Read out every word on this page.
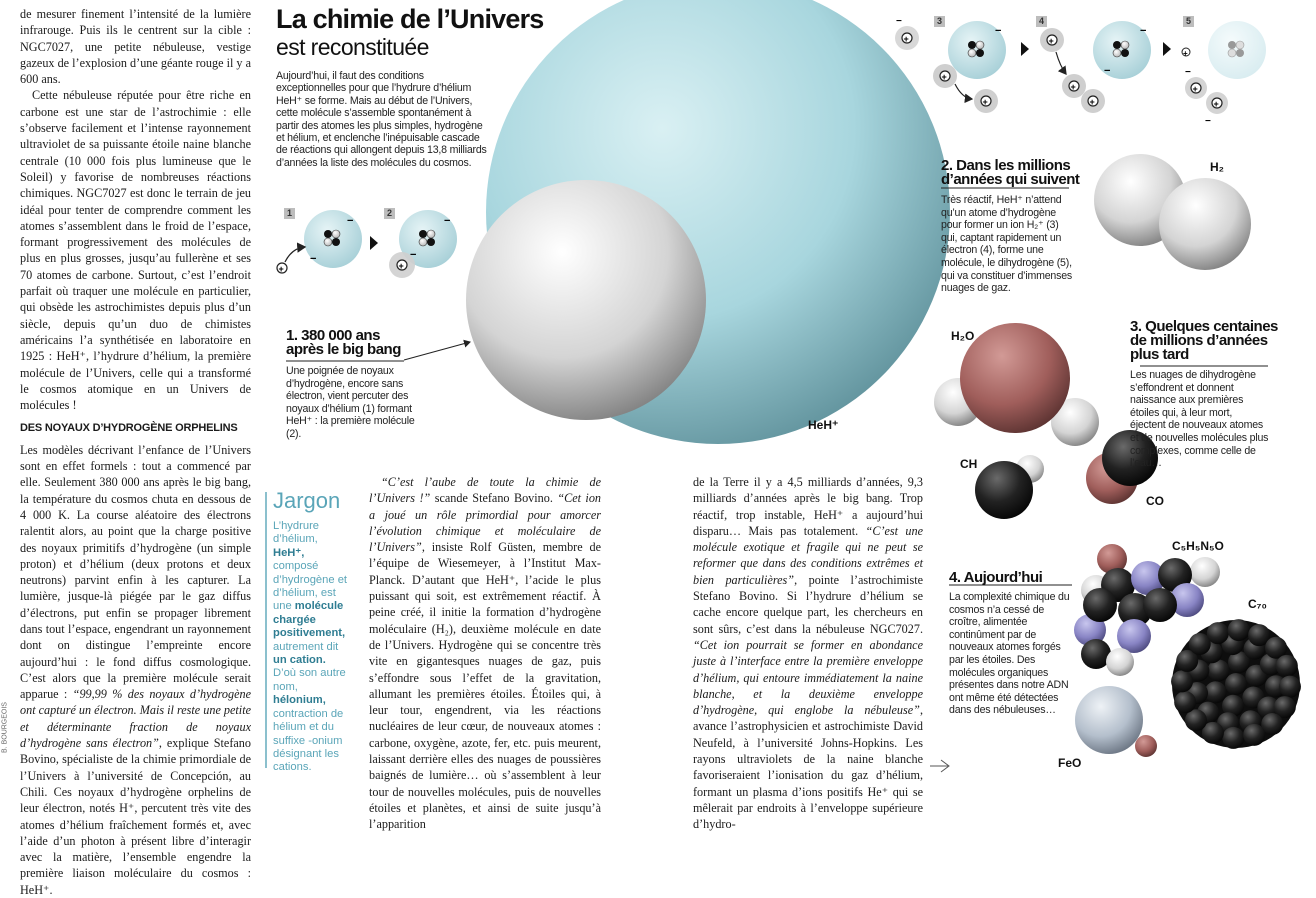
−
−
+
−
+
−
+
−
−
+
+
+
−
−
+
+
+
+
+
−
−

de mesurer finement l’intensité de la lumière infrarouge. Puis ils le centrent sur la cible : NGC7027, une petite nébuleuse, vestige gazeux de l’explosion d’une géante rouge il y a 600 ans.

Cette nébuleuse réputée pour être riche en carbone est une star de l’astrochimie : elle s’observe facilement et l’intense rayonnement ultraviolet de sa puissante étoile naine blanche centrale (10 000 fois plus lumineuse que le Soleil) y favorise de nombreuses réactions chimiques. NGC7027 est donc le terrain de jeu idéal pour tenter de comprendre comment les atomes s’assemblent dans le froid de l’espace, formant progressivement des molécules de plus en plus grosses, jusqu’au fullerène et ses 70 atomes de carbone. Surtout, c’est l’endroit parfait où traquer une molécule en particulier, qui obsède les astrochimistes depuis plus d’un siècle, depuis qu’un duo de chimistes américains l’a synthétisée en laboratoire en 1925 : HeH⁺, l’hydrure d’hélium, la première molécule de l’Univers, celle qui a transformé le cosmos atomique en un Univers de molécules !

DES NOYAUX D’HYDROGÈNE ORPHELINS

Les modèles décrivant l’enfance de l’Univers sont en effet formels : tout a commencé par elle. Seulement 380 000 ans après le big bang, la température du cosmos chuta en dessous de 4 000 K. La course aléatoire des électrons ralentit alors, au point que la charge positive des noyaux primitifs d’hydrogène (un simple proton) et d’hélium (deux protons et deux neutrons) parvint enfin à les capturer. La lumière, jusque-là piégée par le gaz diffus d’électrons, put enfin se propager librement dans tout l’espace, engendrant un rayonnement dont on distingue l’empreinte encore aujourd’hui : le fond diffus cosmologique. C’est alors que la première molécule serait apparue : “99,99 % des noyaux d’hydrogène ont capturé un électron. Mais il reste une petite et déterminante fraction de noyaux d’hydrogène sans électron”, explique Stefano Bovino, spécialiste de la chimie primordiale de l’Univers à l’université de Concepción, au Chili. Ces noyaux d’hydrogène orphelins de leur électron, notés H⁺, percutent très vite des atomes d’hélium fraîchement formés et, avec l’aide d’un photon à présent libre d’interagir avec la matière, l’ensemble engendre la première liaison moléculaire du cosmos : HeH⁺.

B. BOURGEOIS
La chimie de l’Univers
est reconstituée
Aujourd’hui, il faut des conditions exceptionnelles pour que l’hydrure d’hélium HeH⁺ se forme. Mais au début de l’Univers, cette molécule s’assemble spontanément à partir des atomes les plus simples, hydrogène et hélium, et enclenche l’inépuisable cascade de réactions qui allongent depuis 13,8 milliards d’années la liste des molécules du cosmos.
1	2
3	4	5
1. 380 000 ans
après le big bang
Une poignée de noyaux d’hydrogène, encore sans électron, vient percuter des noyaux d’hélium (1) formant HeH⁺ : la première molécule (2).
2. Dans les millions
d’années qui suivent
Très réactif, HeH⁺ n’attend qu’un atome d’hydrogène pour former un ion H₂⁺ (3) qui, captant rapidement un électron (4), forme une molécule, le dihydrogène (5), qui va constituer d’immenses nuages de gaz.
3. Quelques centaines
de millions d’années
plus tard
Les nuages de dihydrogène s’effondrent et donnent naissance aux premières étoiles qui, à leur mort, éjectent de nouveaux atomes et de nouvelles molécules plus complexes, comme celle de l’eau…
4. Aujourd’hui
La complexité chimique du cosmos n’a cessé de croître, alimentée continûment par de nouveaux atomes forgés par les étoiles. Des molécules organiques présentes dans notre ADN ont même été détectées dans des nébuleuses…
HeH⁺
H₂
H₂O
CH
CO
C₅H₅N₅O
C₇₀
FeO
Jargon
L’hydrure d’hélium, HeH⁺, composé d’hydrogène et d’hélium, est une molécule chargée positivement, autrement dit un cation. D’où son autre nom, hélonium, contraction de hélium et du suffixe -onium désignant les cations.

“C’est l’aube de toute la chimie de l’Univers !” scande Stefano Bovino. “Cet ion a joué un rôle primordial pour amorcer l’évolution chimique et moléculaire de l’Univers”, insiste Rolf Güsten, membre de l’équipe de Wiesemeyer, à l’Institut Max-Planck. D’autant que HeH⁺, l’acide le plus puissant qui soit, est extrêmement réactif. À peine créé, il initie la formation d’hydrogène moléculaire (H₂), deuxième molécule en date de l’Univers. Hydrogène qui se concentre très vite en gigantesques nuages de gaz, puis s’effondre sous l’effet de la gravitation, allumant les premières étoiles. Étoiles qui, à leur tour, engendrent, via les réactions nucléaires de leur cœur, de nouveaux atomes : carbone, oxygène, azote, fer, etc. puis meurent, laissant derrière elles des nuages de poussières baignés de lumière… où s’assemblent à leur tour de nouvelles molécules, puis de nouvelles étoiles et planètes, et ainsi de suite jusqu’à l’apparition

de la Terre il y a 4,5 milliards d’années, 9,3 milliards d’années après le big bang. Trop réactif, trop instable, HeH⁺ a aujourd’hui disparu… Mais pas totalement. “C’est une molécule exotique et fragile qui ne peut se reformer que dans des conditions extrêmes et bien particulières”, pointe l’astrochimiste Stefano Bovino. Si l’hydrure d’hélium se cache encore quelque part, les chercheurs en sont sûrs, c’est dans la nébuleuse NGC7027. “Cet ion pourrait se former en abondance juste à l’interface entre la première enveloppe d’hélium, qui entoure immédiatement la naine blanche, et la deuxième enveloppe d’hydrogène, qui englobe la nébuleuse”, avance l’astrophysicien et astrochimiste David Neufeld, à l’université Johns-Hopkins. Les rayons ultraviolets de la naine blanche favoriseraient l’ionisation du gaz d’hélium, formant un plasma d’ions positifs He⁺ qui se mêlerait par endroits à l’enveloppe supérieure d’hydro-
